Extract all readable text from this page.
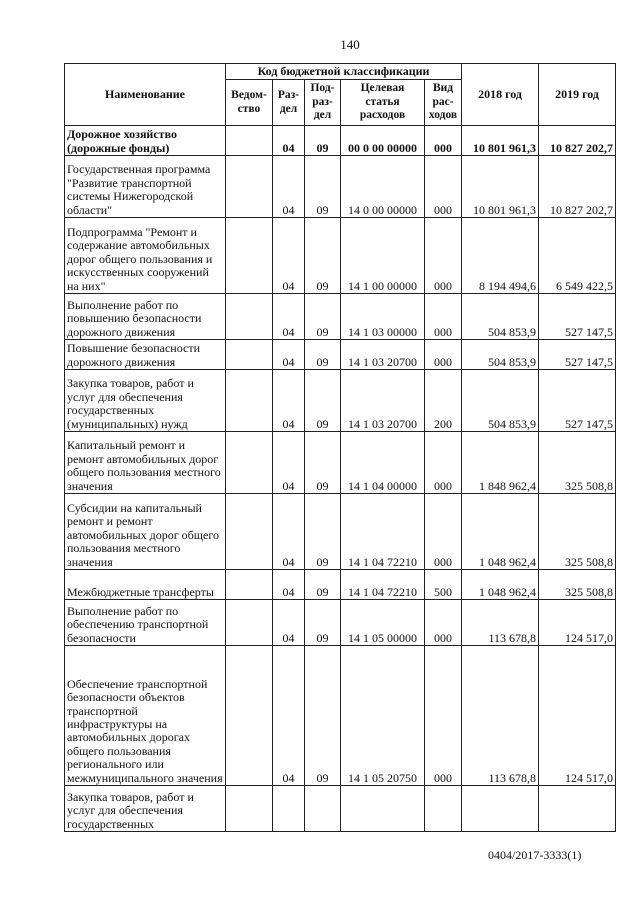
140
Наименование	Код бюджетной классификации					2018 год	2019 год
	Ведом- ство	Раз- дел	Под- раз- дел	Целевая статья расходов	Вид рас- ходов		
Дорожное хозяйство (дорожные фонды)		04	09	00 0 00 00000	000	10 801 961,3	10 827 202,7
Государственная программа "Развитие транспортной системы Нижегородской области"		04	09	14 0 00 00000	000	10 801 961,3	10 827 202,7
Подпрограмма "Ремонт и содержание автомобильных дорог общего пользования и искусственных сооружений на них"		04	09	14 1 00 00000	000	8 194 494,6	6 549 422,5
Выполнение работ по повышению безопасности дорожного движения		04	09	14 1 03 00000	000	504 853,9	527 147,5
Повышение безопасности дорожного движения		04	09	14 1 03 20700	000	504 853,9	527 147,5
Закупка товаров, работ и услуг для обеспечения государственных (муниципальных) нужд		04	09	14 1 03 20700	200	504 853,9	527 147,5
Капитальный ремонт и ремонт автомобильных дорог общего пользования местного значения		04	09	14 1 04 00000	000	1 848 962,4	325 508,8
Субсидии на капитальный ремонт и ремонт автомобильных дорог общего пользования местного значения		04	09	14 1 04 72210	000	1 048 962,4	325 508,8
Межбюджетные трансферты		04	09	14 1 04 72210	500	1 048 962,4	325 508,8
Выполнение работ по обеспечению транспортной безопасности		04	09	14 1 05 00000	000	113 678,8	124 517,0
Обеспечение транспортной безопасности объектов транспортной инфраструктуры на автомобильных дорогах общего пользования регионального или межмуниципального значения		04	09	14 1 05 20750	000	113 678,8	124 517,0
Закупка товаров, работ и услуг для обеспечения государственных							
0404/2017-3333(1)
